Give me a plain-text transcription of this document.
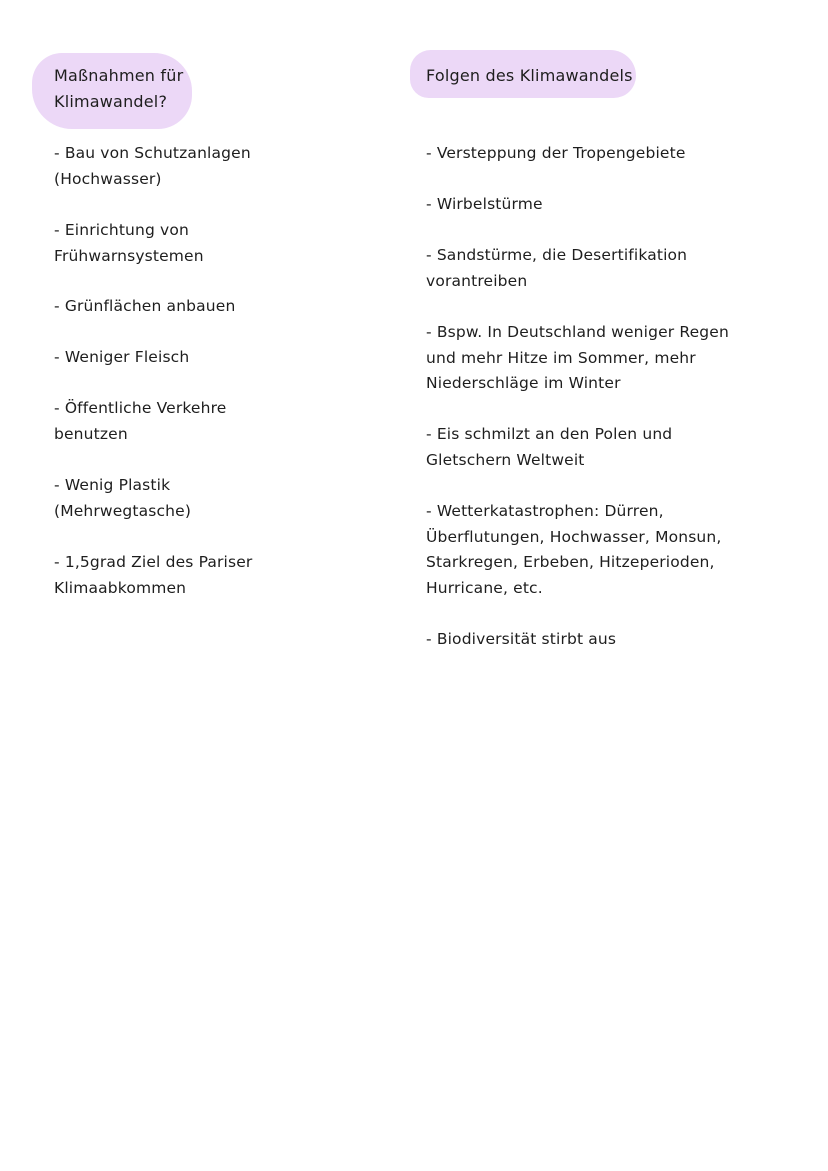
Maßnahmen für
Klimawandel?

- Bau von Schutzanlagen
(Hochwasser)

- Einrichtung von
Frühwarnsystemen

- Grünflächen anbauen

- Weniger Fleisch

- Öffentliche Verkehre
benutzen

- Wenig Plastik
(Mehrwegtasche)

- 1,5grad Ziel des Pariser
Klimaabkommen

Folgen des Klimawandels

- Versteppung der Tropengebiete

- Wirbelstürme

- Sandstürme, die Desertifikation
vorantreiben

- Bspw. In Deutschland weniger Regen
und mehr Hitze im Sommer, mehr
Niederschläge im Winter

- Eis schmilzt an den Polen und
Gletschern Weltweit

- Wetterkatastrophen: Dürren,
Überflutungen, Hochwasser, Monsun,
Starkregen, Erbeben, Hitzeperioden,
Hurricane, etc.

- Biodiversität stirbt aus
